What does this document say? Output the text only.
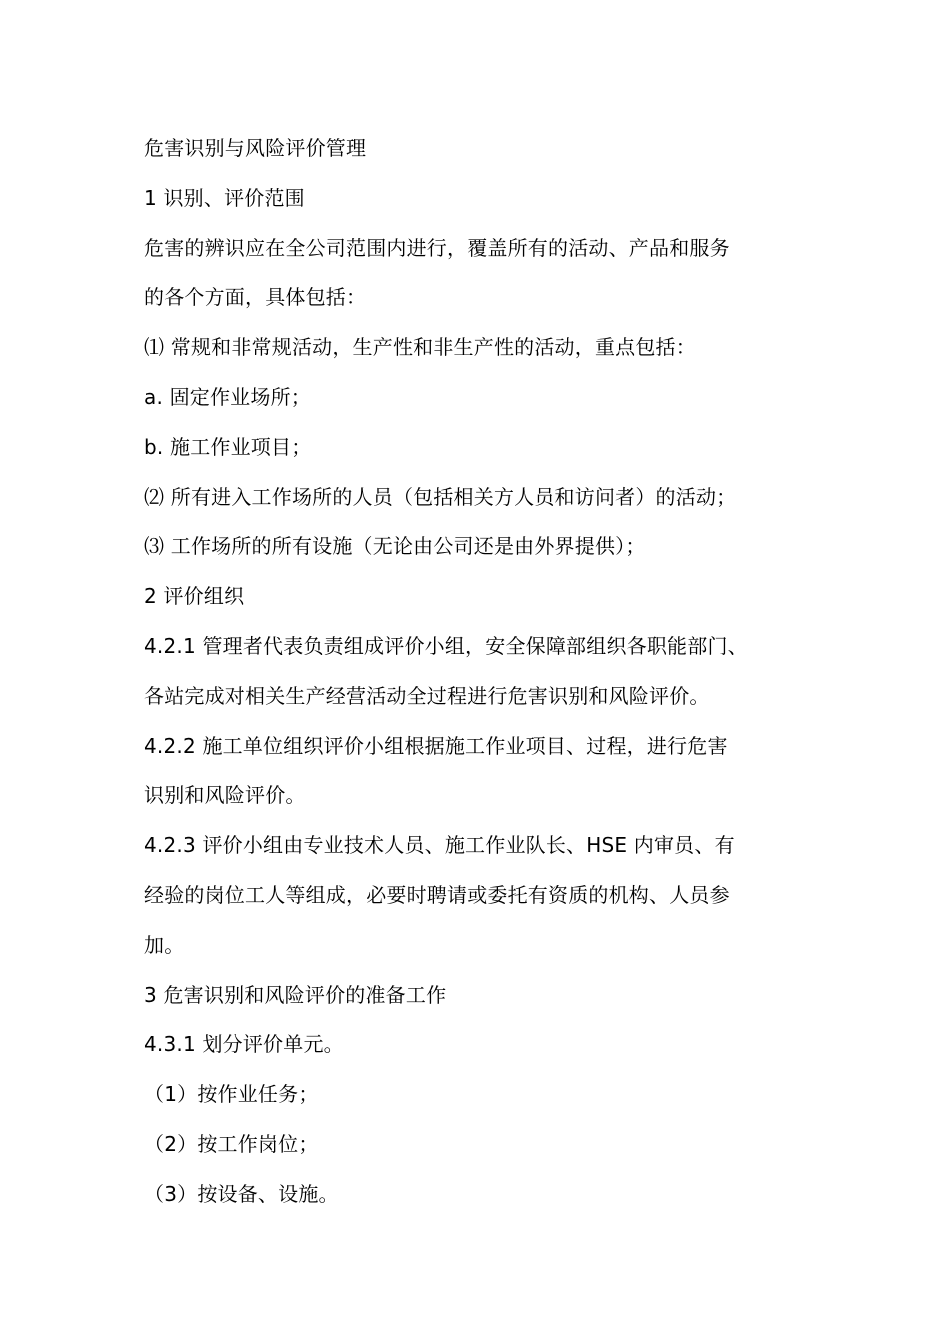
危害识别与风险评价管理
1 识别、评价范围
危害的辨识应在全公司范围内进行，覆盖所有的活动、产品和服务
的各个方面，具体包括：
⑴ 常规和非常规活动，生产性和非生产性的活动，重点包括：
a. 固定作业场所；
b. 施工作业项目；
⑵ 所有进入工作场所的人员（包括相关方人员和访问者）的活动；
⑶ 工作场所的所有设施（无论由公司还是由外界提供）；
2 评价组织
4.2.1 管理者代表负责组成评价小组，安全保障部组织各职能部门、
各站完成对相关生产经营活动全过程进行危害识别和风险评价。
4.2.2 施工单位组织评价小组根据施工作业项目、过程，进行危害
识别和风险评价。
4.2.3 评价小组由专业技术人员、施工作业队长、HSE 内审员、有
经验的岗位工人等组成，必要时聘请或委托有资质的机构、人员参
加。
3 危害识别和风险评价的准备工作
4.3.1 划分评价单元。
（1）按作业任务；
（2）按工作岗位；
（3）按设备、设施。
